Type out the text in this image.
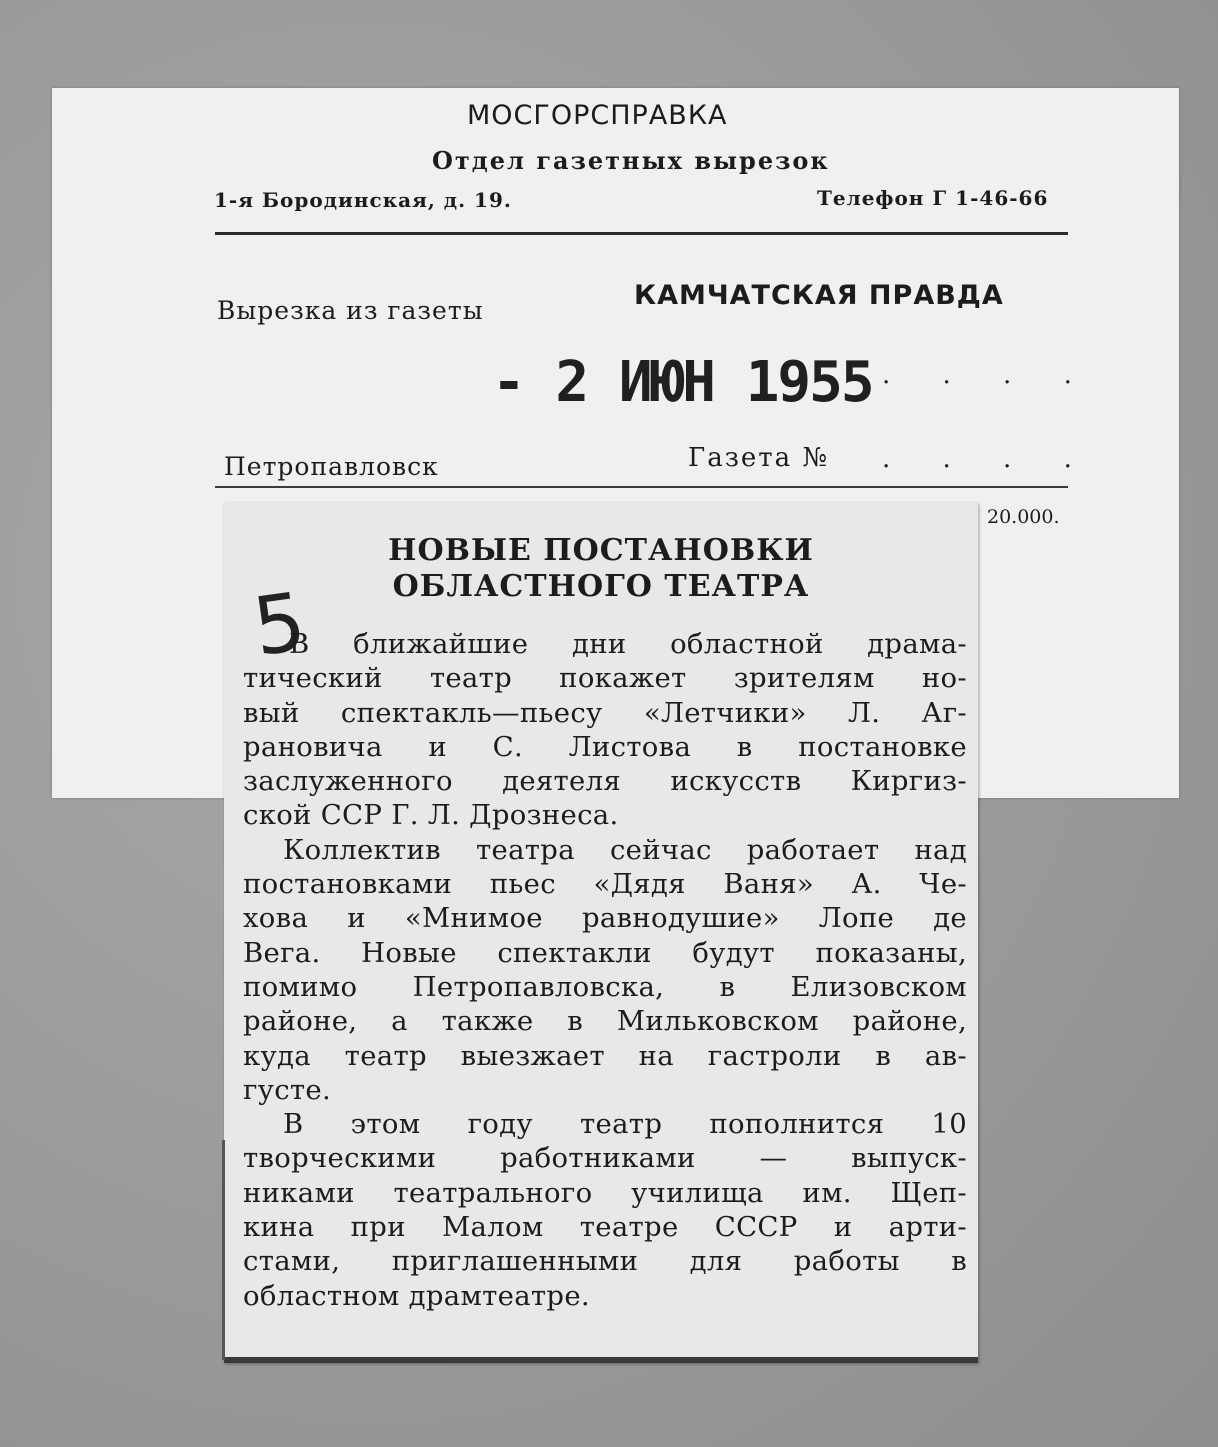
МОСГОРСПРАВКА
Отдел газетных вырезок
1-я Бородинская, д. 19.	Телефон Г 1-46-66
Вырезка из газеты	КАМЧАТСКАЯ ПРАВДА
- 2 ИЮН 1955 . . . .
Петропавловск	Газета № . . . .
20.000.
НОВЫЕ ПОСТАНОВКИ
ОБЛАСТНОГО ТЕАТРА
5
В ближайшие дни областной драма-
тический театр покажет зрителям но-
вый спектакль—пьесу «Летчики» Л. Аг-
рановича и С. Листова в постановке
заслуженного деятеля искусств Киргиз-
ской ССР Г. Л. Дрознеса.
Коллектив театра сейчас работает над
постановками пьес «Дядя Ваня» А. Че-
хова и «Мнимое равнодушие» Лопе де
Вега. Новые спектакли будут показаны,
помимо Петропавловска, в Елизовском
районе, а также в Мильковском районе,
куда театр выезжает на гастроли в ав-
густе.
В этом году театр пополнится 10
творческими работниками — выпуск-
никами театрального училища им. Щеп-
кина при Малом театре СССР и арти-
стами, приглашенными для работы в
областном драмтеатре.
